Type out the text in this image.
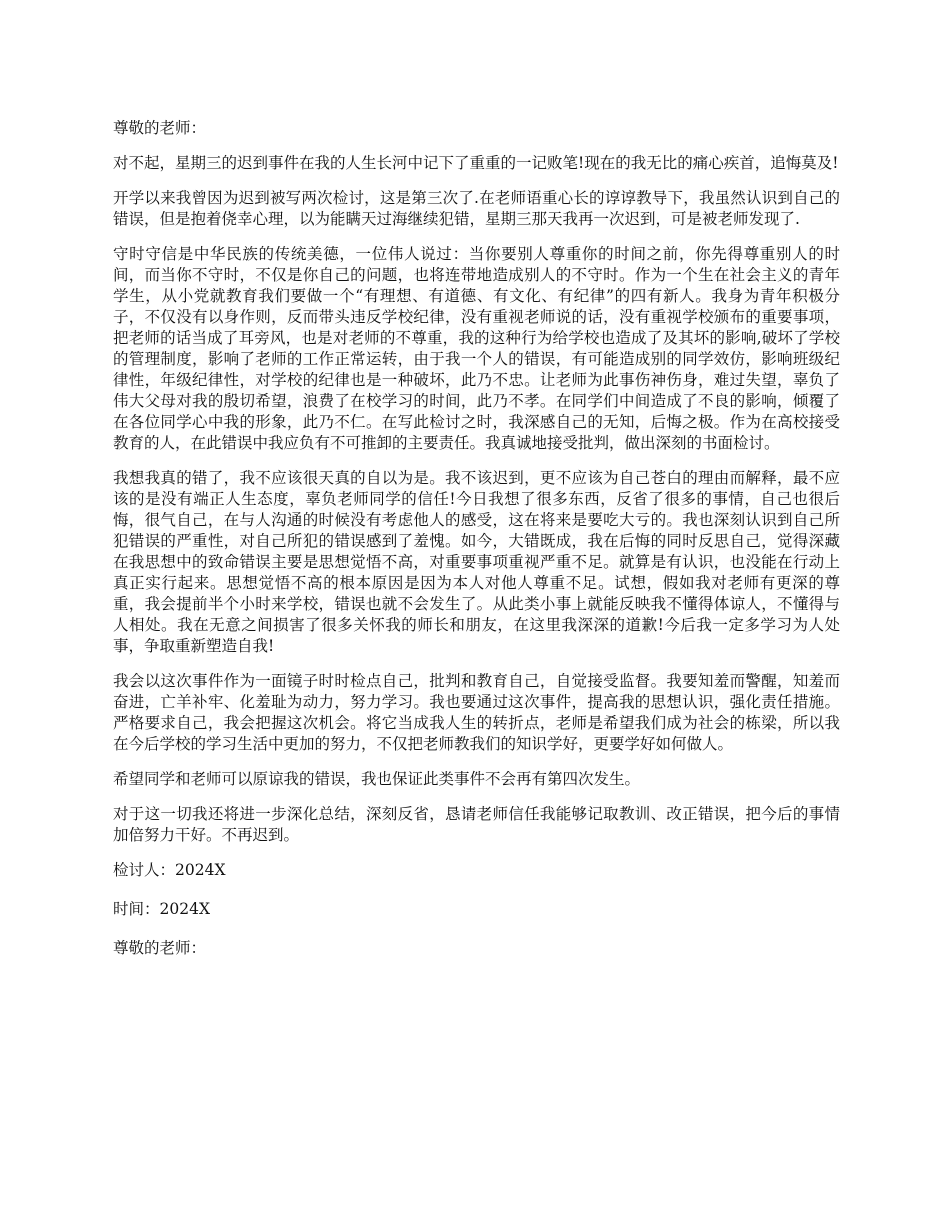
尊敬的老师：

对不起，星期三的迟到事件在我的人生长河中记下了重重的一记败笔!现在的我无比的痛心疾首，追悔莫及!

开学以来我曾因为迟到被写两次检讨，这是第三次了.在老师语重心长的谆谆教导下，我虽然认识到自己的错误，但是抱着侥幸心理，以为能瞒天过海继续犯错，星期三那天我再一次迟到，可是被老师发现了.

守时守信是中华民族的传统美德，一位伟人说过：当你要别人尊重你的时间之前，你先得尊重别人的时间，而当你不守时，不仅是你自己的问题，也将连带地造成别人的不守时。作为一个生在社会主义的青年学生，从小党就教育我们要做一个“有理想、有道德、有文化、有纪律”的四有新人。我身为青年积极分子，不仅没有以身作则，反而带头违反学校纪律，没有重视老师说的话，没有重视学校颁布的重要事项，把老师的话当成了耳旁风，也是对老师的不尊重，我的这种行为给学校也造成了及其坏的影响,破坏了学校的管理制度，影响了老师的工作正常运转，由于我一个人的错误，有可能造成别的同学效仿，影响班级纪律性，年级纪律性，对学校的纪律也是一种破坏，此乃不忠。让老师为此事伤神伤身，难过失望，辜负了伟大父母对我的殷切希望，浪费了在校学习的时间，此乃不孝。在同学们中间造成了不良的影响，倾覆了在各位同学心中我的形象，此乃不仁。在写此检讨之时，我深感自己的无知，后悔之极。作为在高校接受教育的人，在此错误中我应负有不可推卸的主要责任。我真诚地接受批判，做出深刻的书面检讨。

我想我真的错了，我不应该很天真的自以为是。我不该迟到，更不应该为自己苍白的理由而解释，最不应该的是没有端正人生态度，辜负老师同学的信任!今日我想了很多东西，反省了很多的事情，自己也很后悔，很气自己，在与人沟通的时候没有考虑他人的感受，这在将来是要吃大亏的。我也深刻认识到自己所犯错误的严重性，对自己所犯的错误感到了羞愧。如今，大错既成，我在后悔的同时反思自己，觉得深藏在我思想中的致命错误主要是思想觉悟不高，对重要事项重视严重不足。就算是有认识，也没能在行动上真正实行起来。思想觉悟不高的根本原因是因为本人对他人尊重不足。试想，假如我对老师有更深的尊重，我会提前半个小时来学校，错误也就不会发生了。从此类小事上就能反映我不懂得体谅人，不懂得与人相处。我在无意之间损害了很多关怀我的师长和朋友，在这里我深深的道歉!今后我一定多学习为人处事，争取重新塑造自我!

我会以这次事件作为一面镜子时时检点自己，批判和教育自己，自觉接受监督。我要知羞而警醒，知羞而奋进，亡羊补牢、化羞耻为动力，努力学习。我也要通过这次事件，提高我的思想认识，强化责任措施。严格要求自己，我会把握这次机会。将它当成我人生的转折点，老师是希望我们成为社会的栋梁，所以我在今后学校的学习生活中更加的努力，不仅把老师教我们的知识学好，更要学好如何做人。

希望同学和老师可以原谅我的错误，我也保证此类事件不会再有第四次发生。

对于这一切我还将进一步深化总结，深刻反省，恳请老师信任我能够记取教训、改正错误，把今后的事情加倍努力干好。不再迟到。

检讨人：2024X

时间：2024X

尊敬的老师：
